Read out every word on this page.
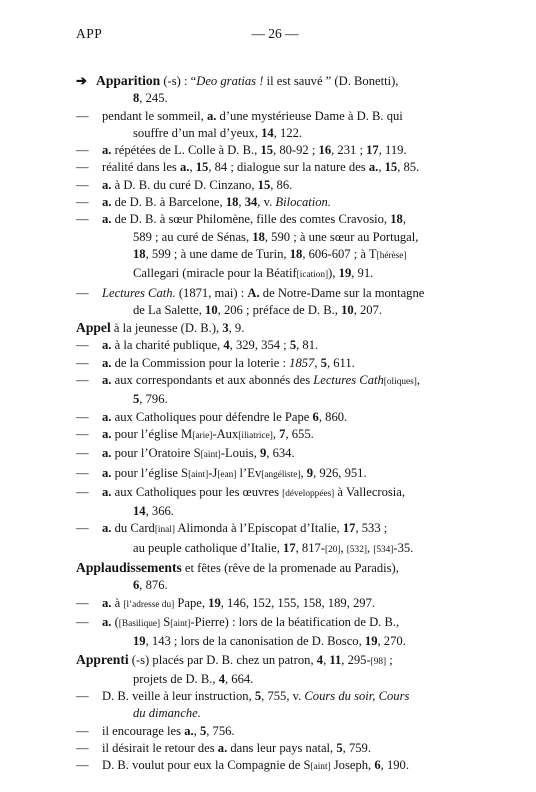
APP	— 26 —
➔ Apparition (-s) : “Deo gratias ! il est sauvé ” (D. Bonetti),
8, 245.
— pendant le sommeil, a. d’une mystérieuse Dame à D. B. qui
souffre d’un mal d’yeux, 14, 122.
— a. répétées de L. Colle à D. B., 15, 80-92 ; 16, 231 ; 17, 119.
— réalité dans les a., 15, 84 ; dialogue sur la nature des a., 15, 85.
— a. à D. B. du curé D. Cinzano, 15, 86.
— a. de D. B. à Barcelone, 18, 34, v. Bilocation.
— a. de D. B. à sœur Philomène, fille des comtes Cravosio, 18,
589 ; au curé de Sénas, 18, 590 ; à une sœur au Portugal,
18, 599 ; à une dame de Turin, 18, 606-607 ; à T[hérèse]
Callegari (miracle pour la Béatif[ication]), 19, 91.
— Lectures Cath. (1871, mai) : A. de Notre-Dame sur la montagne
de La Salette, 10, 206 ; préface de D. B., 10, 207.
Appel à la jeunesse (D. B.), 3, 9.
— a. à la charité publique, 4, 329, 354 ; 5, 81.
— a. de la Commission pour la loterie : 1857, 5, 611.
— a. aux correspondants et aux abonnés des Lectures Cath[oliques],
5, 796.
— a. aux Catholiques pour défendre le Pape 6, 860.
— a. pour l’église M[arie]-Aux[iliatrice], 7, 655.
— a. pour l’Oratoire S[aint]-Louis, 9, 634.
— a. pour l’église S[aint]-J[ean] l’Ev[angéliste], 9, 926, 951.
— a. aux Catholiques pour les œuvres [développées] à Vallecrosia,
14, 366.
— a. du Card[inal] Alimonda à l’Episcopat d’Italie, 17, 533 ;
au peuple catholique d’Italie, 17, 817-[20], [532], [534]-35.
Applaudissements et fêtes (rêve de la promenade au Paradis),
6, 876.
— a. à [l’adresse du] Pape, 19, 146, 152, 155, 158, 189, 297.
— a. ([Basilique] S[aint]-Pierre) : lors de la béatification de D. B.,
19, 143 ; lors de la canonisation de D. Bosco, 19, 270.
Apprenti (-s) placés par D. B. chez un patron, 4, 11, 295-[98] ;
projets de D. B., 4, 664.
— D. B. veille à leur instruction, 5, 755, v. Cours du soir, Cours
du dimanche.
— il encourage les a., 5, 756.
— il désirait le retour des a. dans leur pays natal, 5, 759.
— D. B. voulut pour eux la Compagnie de S[aint] Joseph, 6, 190.
